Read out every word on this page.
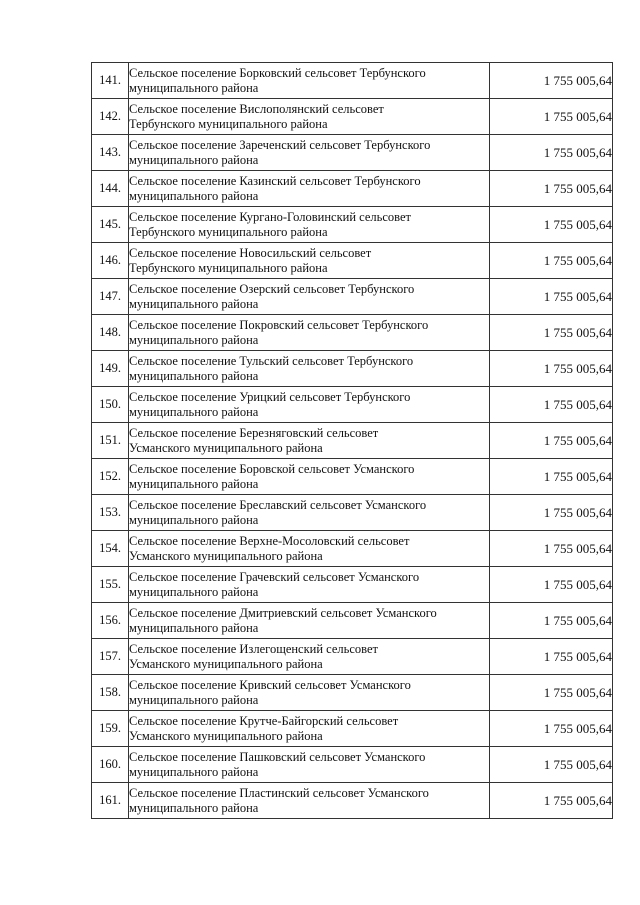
141.	Сельское поселение Борковский сельсовет Тербунского
муниципального района	1 755 005,64
142.	Сельское поселение Вислополянский сельсовет
Тербунского муниципального района	1 755 005,64
143.	Сельское поселение Зареченский сельсовет Тербунского
муниципального района	1 755 005,64
144.	Сельское поселение Казинский сельсовет Тербунского
муниципального района	1 755 005,64
145.	Сельское поселение Кургано-Головинский сельсовет
Тербунского муниципального района	1 755 005,64
146.	Сельское поселение Новосильский сельсовет
Тербунского муниципального района	1 755 005,64
147.	Сельское поселение Озерский сельсовет Тербунского
муниципального района	1 755 005,64
148.	Сельское поселение Покровский сельсовет Тербунского
муниципального района	1 755 005,64
149.	Сельское поселение Тульский сельсовет Тербунского
муниципального района	1 755 005,64
150.	Сельское поселение Урицкий сельсовет Тербунского
муниципального района	1 755 005,64
151.	Сельское поселение Березняговский сельсовет
Усманского муниципального района	1 755 005,64
152.	Сельское поселение Боровской сельсовет Усманского
муниципального района	1 755 005,64
153.	Сельское поселение Бреславский сельсовет Усманского
муниципального района	1 755 005,64
154.	Сельское поселение Верхне-Мосоловский сельсовет
Усманского муниципального района	1 755 005,64
155.	Сельское поселение Грачевский сельсовет Усманского
муниципального района	1 755 005,64
156.	Сельское поселение Дмитриевский сельсовет Усманского
муниципального района	1 755 005,64
157.	Сельское поселение Излегощенский сельсовет
Усманского муниципального района	1 755 005,64
158.	Сельское поселение Кривский сельсовет Усманского
муниципального района	1 755 005,64
159.	Сельское поселение Крутче-Байгорский сельсовет
Усманского муниципального района	1 755 005,64
160.	Сельское поселение Пашковский сельсовет Усманского
муниципального района	1 755 005,64
161.	Сельское поселение Пластинский сельсовет Усманского
муниципального района	1 755 005,64
